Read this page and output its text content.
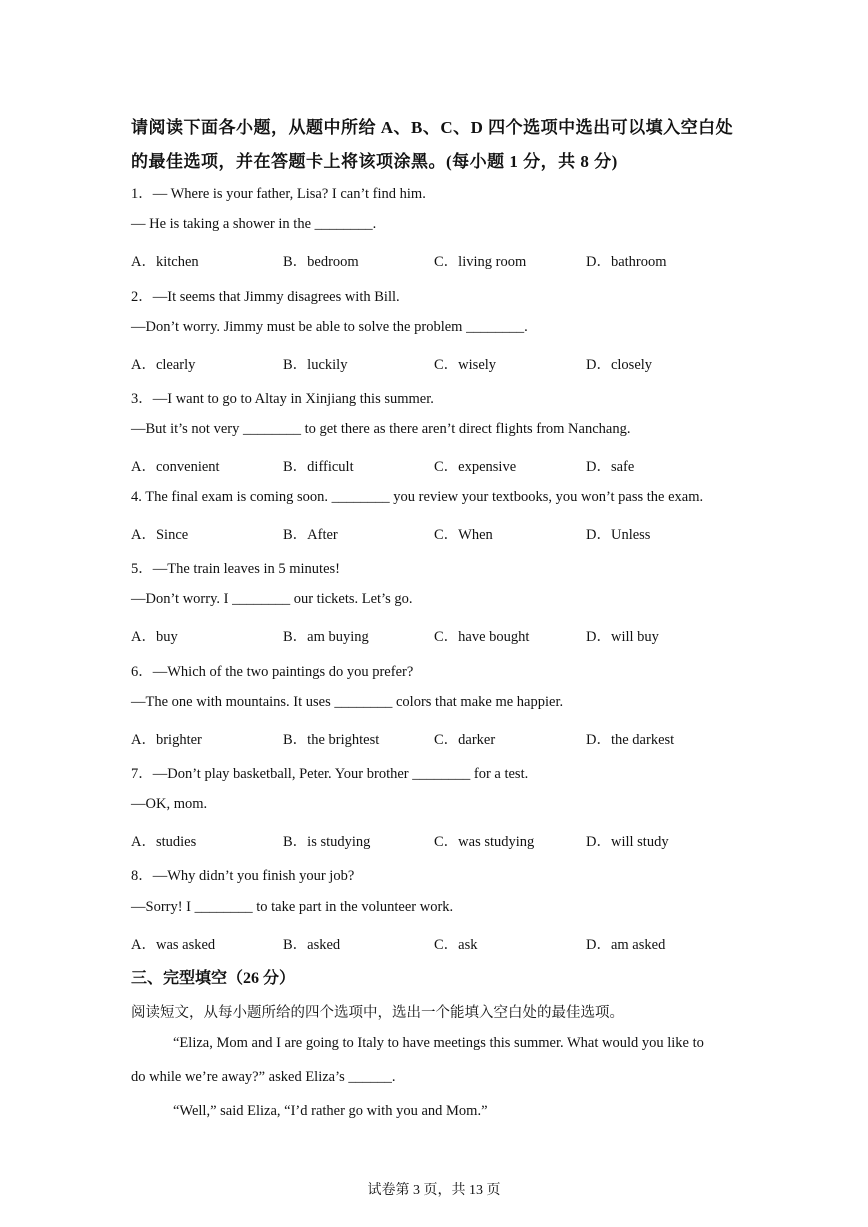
请阅读下面各小题，从题中所给 A、B、C、D 四个选项中选出可以填入空白处
的最佳选项，并在答题卡上将该项涂黑。(每小题 1 分，共 8 分)
1．— Where is your father, Lisa? I can’t find him.
— He is taking a shower in the ________.
A．kitchen	B．bedroom	C．living room	D．bathroom
2．—It seems that Jimmy disagrees with Bill.
—Don’t worry. Jimmy must be able to solve the problem ________.
A．clearly	B．luckily	C．wisely	D．closely
3．—I want to go to Altay in Xinjiang this summer.
—But it’s not very ________ to get there as there aren’t direct flights from Nanchang.
A．convenient	B．difficult	C．expensive	D．safe
4. The final exam is coming soon. ________ you review your textbooks, you won’t pass the exam.
A．Since	B．After	C．When	D．Unless
5．—The train leaves in 5 minutes!
—Don’t worry. I ________ our tickets. Let’s go.
A．buy	B．am buying	C．have bought	D．will buy
6．—Which of the two paintings do you prefer?
—The one with mountains. It uses ________ colors that make me happier.
A．brighter	B．the brightest	C．darker	D．the darkest
7．—Don’t play basketball, Peter. Your brother ________ for a test.
—OK, mom.
A．studies	B．is studying	C．was studying	D．will study
8．—Why didn’t you finish your job?
—Sorry! I ________ to take part in the volunteer work.
A．was asked	B．asked	C．ask	D．am asked
三、完型填空（26 分）
阅读短文，从每小题所给的四个选项中，选出一个能填入空白处的最佳选项。
“Eliza, Mom and I are going to Italy to have meetings this summer. What would you like to
do while we’re away?” asked Eliza’s ______.
“Well,” said Eliza, “I’d rather go with you and Mom.”
试卷第 3 页，共 13 页
